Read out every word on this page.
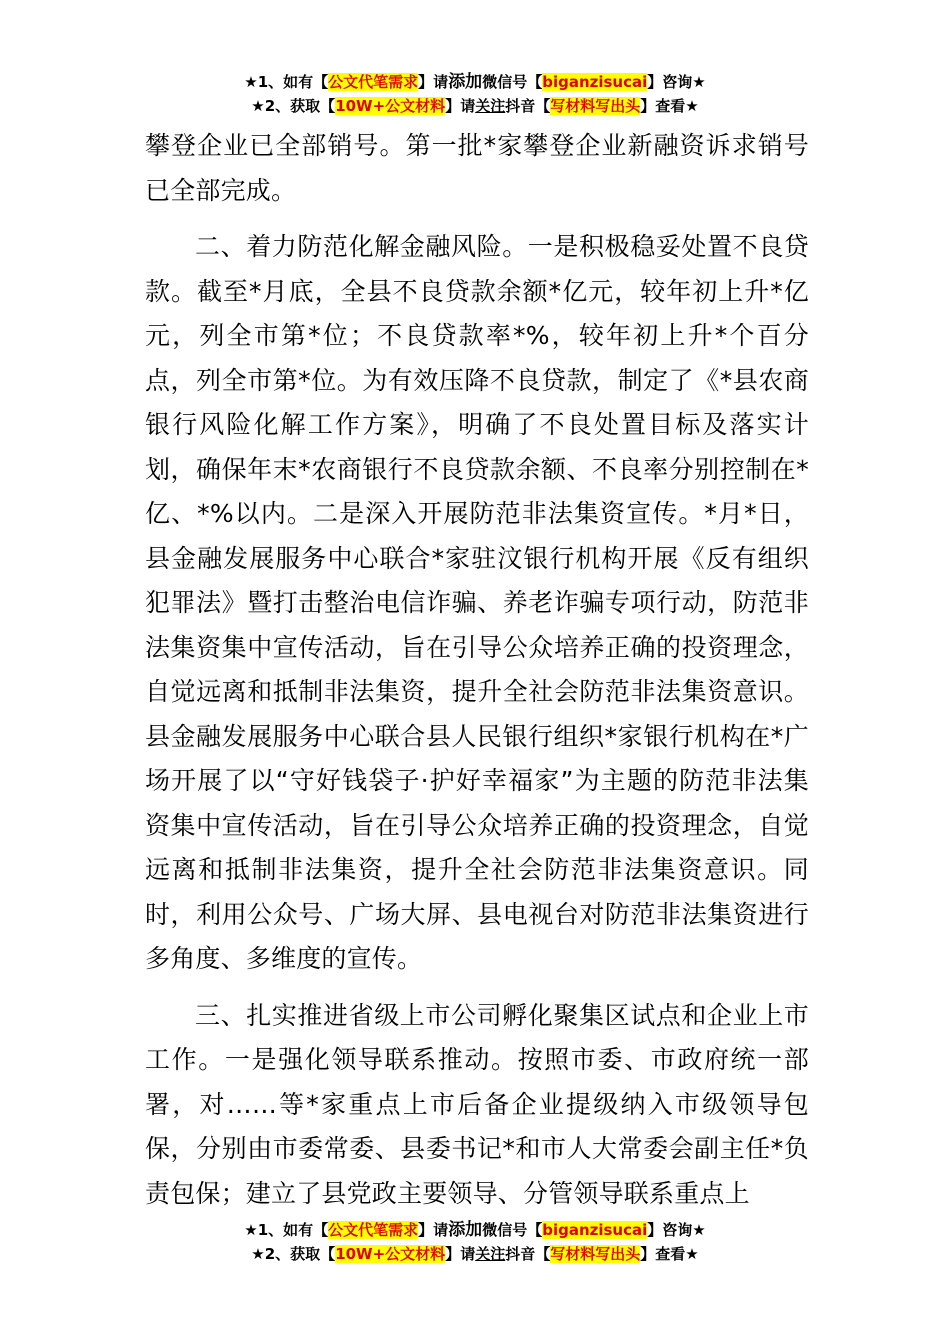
★1、如有【公文代笔需求】请添加微信号【biganzisucai】咨询★
★2、获取【10W+公文材料】请关注抖音【写材料写出头】查看★

攀登企业已全部销号。第一批*家攀登企业新融资诉求销号已全部完成。

二、着力防范化解金融风险。一是积极稳妥处置不良贷款。截至*月底，全县不良贷款余额*亿元，较年初上升*亿元，列全市第*位；不良贷款率*%，较年初上升*个百分点，列全市第*位。为有效压降不良贷款，制定了《*县农商银行风险化解工作方案》，明确了不良处置目标及落实计划，确保年末*农商银行不良贷款余额、不良率分别控制在*亿、*%以内。二是深入开展防范非法集资宣传。*月*日，县金融发展服务中心联合*家驻汶银行机构开展《反有组织犯罪法》暨打击整治电信诈骗、养老诈骗专项行动，防范非法集资集中宣传活动，旨在引导公众培养正确的投资理念，自觉远离和抵制非法集资，提升全社会防范非法集资意识。县金融发展服务中心联合县人民银行组织*家银行机构在*广场开展了以“守好钱袋子·护好幸福家”为主题的防范非法集资集中宣传活动，旨在引导公众培养正确的投资理念，自觉远离和抵制非法集资，提升全社会防范非法集资意识。同时，利用公众号、广场大屏、县电视台对防范非法集资进行多角度、多维度的宣传。

三、扎实推进省级上市公司孵化聚集区试点和企业上市工作。一是强化领导联系推动。按照市委、市政府统一部署，对……等*家重点上市后备企业提级纳入市级领导包保，分别由市委常委、县委书记*和市人大常委会副主任*负责包保；建立了县党政主要领导、分管领导联系重点上

★1、如有【公文代笔需求】请添加微信号【biganzisucai】咨询★
★2、获取【10W+公文材料】请关注抖音【写材料写出头】查看★
